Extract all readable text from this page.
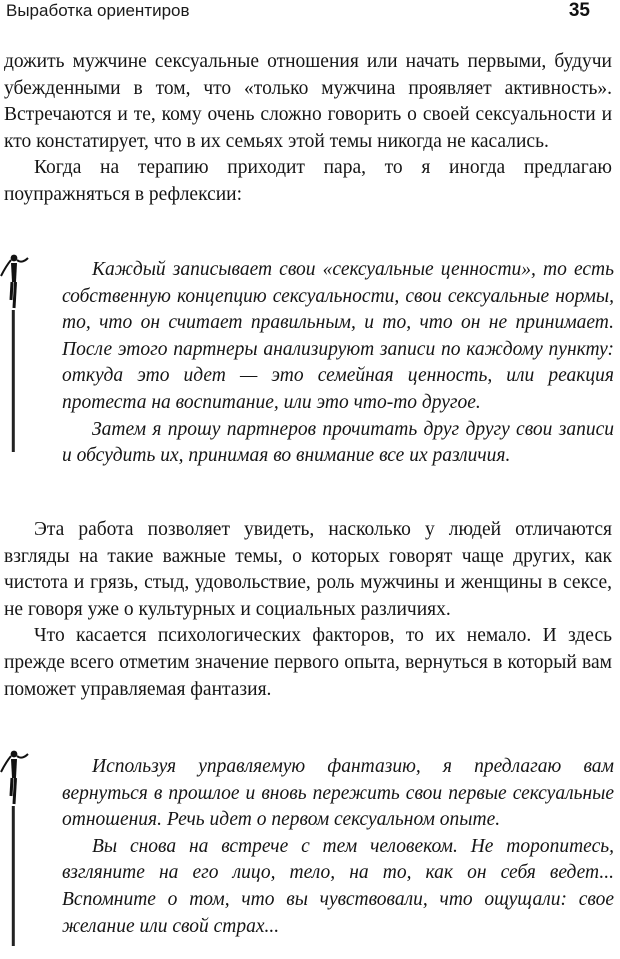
Выработка ориентиров	35

дожить мужчине сексуальные отношения или начать первыми, будучи убежденными в том, что «только мужчина проявляет активность». Встречаются и те, кому очень сложно говорить о своей сексуальности и кто констатирует, что в их семьях этой темы никогда не касались.

Когда на терапию приходит пара, то я иногда предлагаю поупражняться в рефлексии:

Каждый записывает свои «сексуальные ценности», то есть собственную концепцию сексуальности, свои сексуальные нормы, то, что он считает правильным, и то, что он не принимает. После этого партнеры анализируют записи по каждому пункту: откуда это идет — это семейная ценность, или реакция протеста на воспитание, или это что-то другое.

Затем я прошу партнеров прочитать друг другу свои записи и обсудить их, принимая во внимание все их различия.

Эта работа позволяет увидеть, насколько у людей отличаются взгляды на такие важные темы, о которых говорят чаще других, как чистота и грязь, стыд, удовольствие, роль мужчины и женщины в сексе, не говоря уже о культурных и социальных различиях.

Что касается психологических факторов, то их немало. И здесь прежде всего отметим значение первого опыта, вернуться в который вам поможет управляемая фантазия.

Используя управляемую фантазию, я предлагаю вам вернуться в прошлое и вновь пережить свои первые сексуальные отношения. Речь идет о первом сексуальном опыте.

Вы снова на встрече с тем человеком. Не торопитесь, взгляните на его лицо, тело, на то, как он себя ведет... Вспомните о том, что вы чувствовали, что ощущали: свое желание или свой страх...
